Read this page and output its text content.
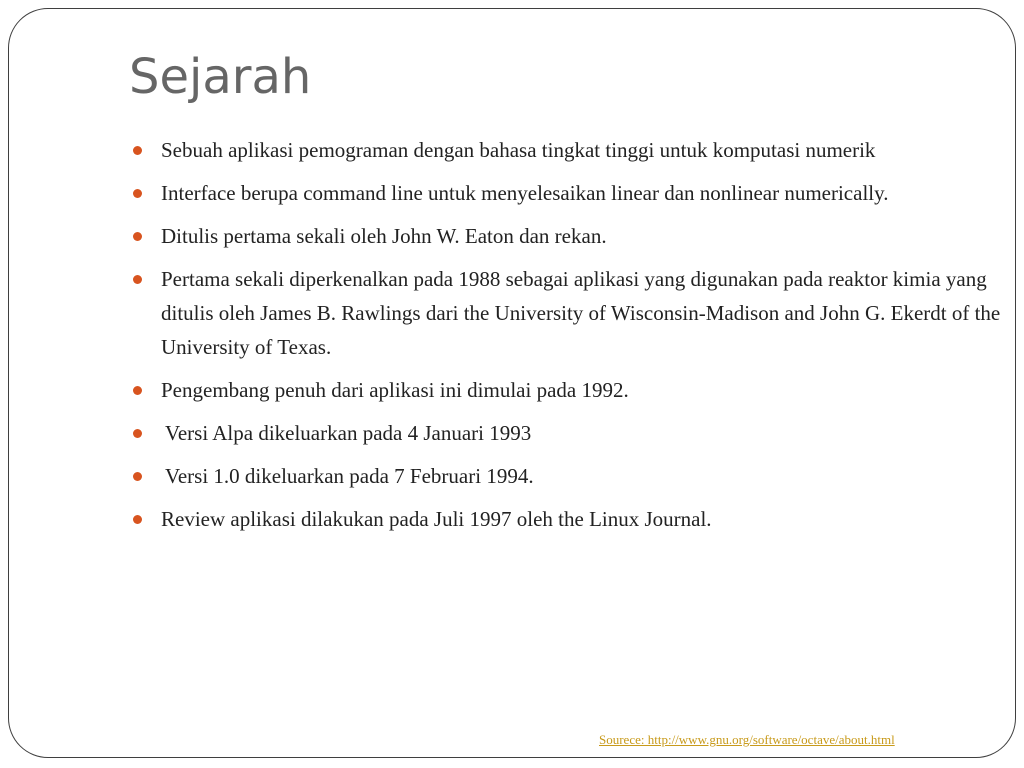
Sejarah
Sebuah aplikasi pemograman dengan bahasa tingkat tinggi untuk komputasi numerik
Interface berupa command line untuk menyelesaikan linear dan nonlinear numerically.
Ditulis pertama sekali oleh John W. Eaton dan rekan.
Pertama sekali diperkenalkan pada 1988 sebagai aplikasi yang digunakan pada reaktor kimia yang ditulis oleh James B. Rawlings dari the University of Wisconsin-Madison and John G. Ekerdt of the University of Texas.
Pengembang penuh dari aplikasi ini dimulai pada 1992.
Versi Alpa dikeluarkan pada 4 Januari 1993
Versi 1.0 dikeluarkan pada 7 Februari 1994.
Review aplikasi dilakukan pada Juli 1997 oleh the Linux Journal.
Sourece: http://www.gnu.org/software/octave/about.html
